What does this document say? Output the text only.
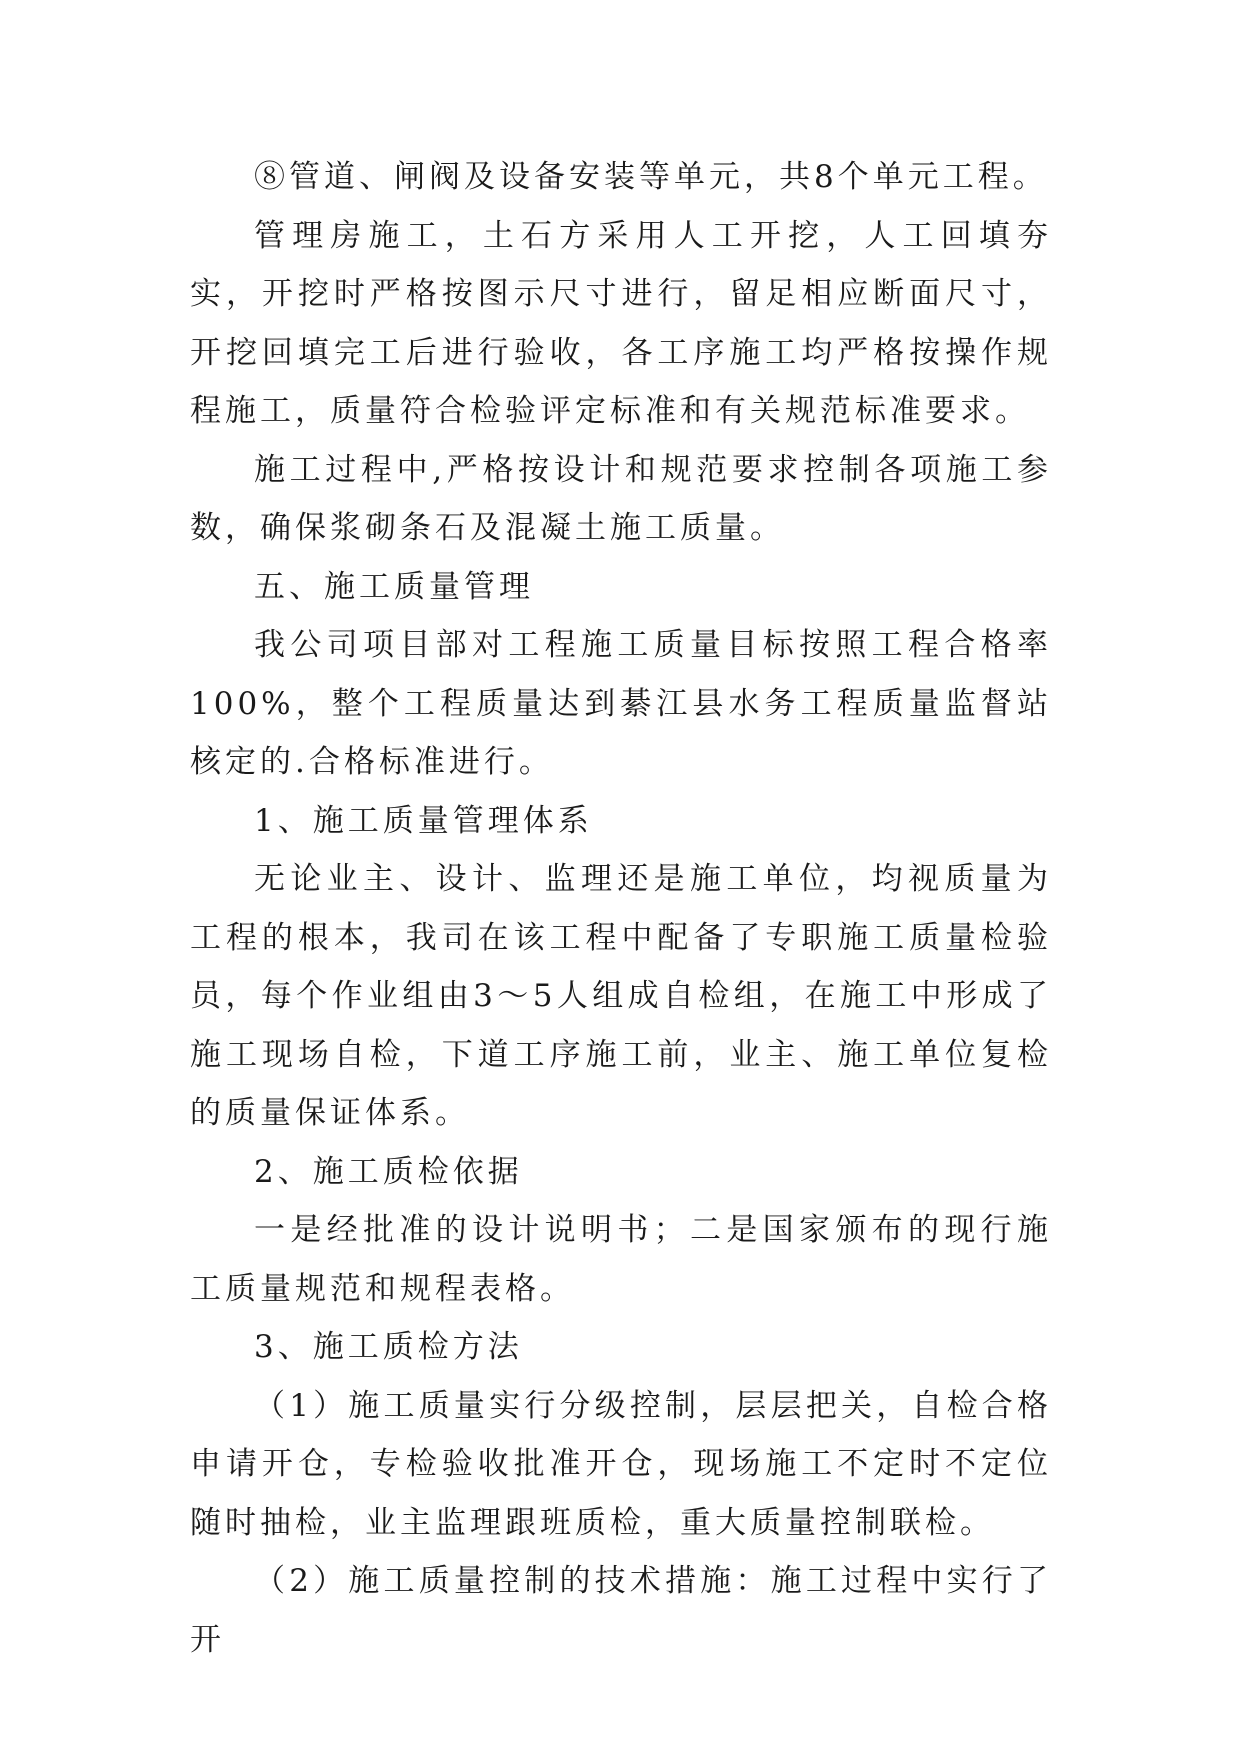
⑧管道、闸阀及设备安装等单元，共8个单元工程。

管理房施工，土石方采用人工开挖，人工回填夯实，开挖时严格按图示尺寸进行，留足相应断面尺寸，开挖回填完工后进行验收，各工序施工均严格按操作规程施工，质量符合检验评定标准和有关规范标准要求。

施工过程中,严格按设计和规范要求控制各项施工参数，确保浆砌条石及混凝土施工质量。

五、施工质量管理

我公司项目部对工程施工质量目标按照工程合格率100%，整个工程质量达到綦江县水务工程质量监督站核定的.合格标准进行。

1、施工质量管理体系

无论业主、设计、监理还是施工单位，均视质量为工程的根本，我司在该工程中配备了专职施工质量检验员，每个作业组由3～5人组成自检组，在施工中形成了施工现场自检，下道工序施工前，业主、施工单位复检的质量保证体系。

2、施工质检依据

一是经批准的设计说明书；二是国家颁布的现行施工质量规范和规程表格。

3、施工质检方法

（1）施工质量实行分级控制，层层把关，自检合格申请开仓，专检验收批准开仓，现场施工不定时不定位随时抽检，业主监理跟班质检，重大质量控制联检。

（2）施工质量控制的技术措施：施工过程中实行了开
